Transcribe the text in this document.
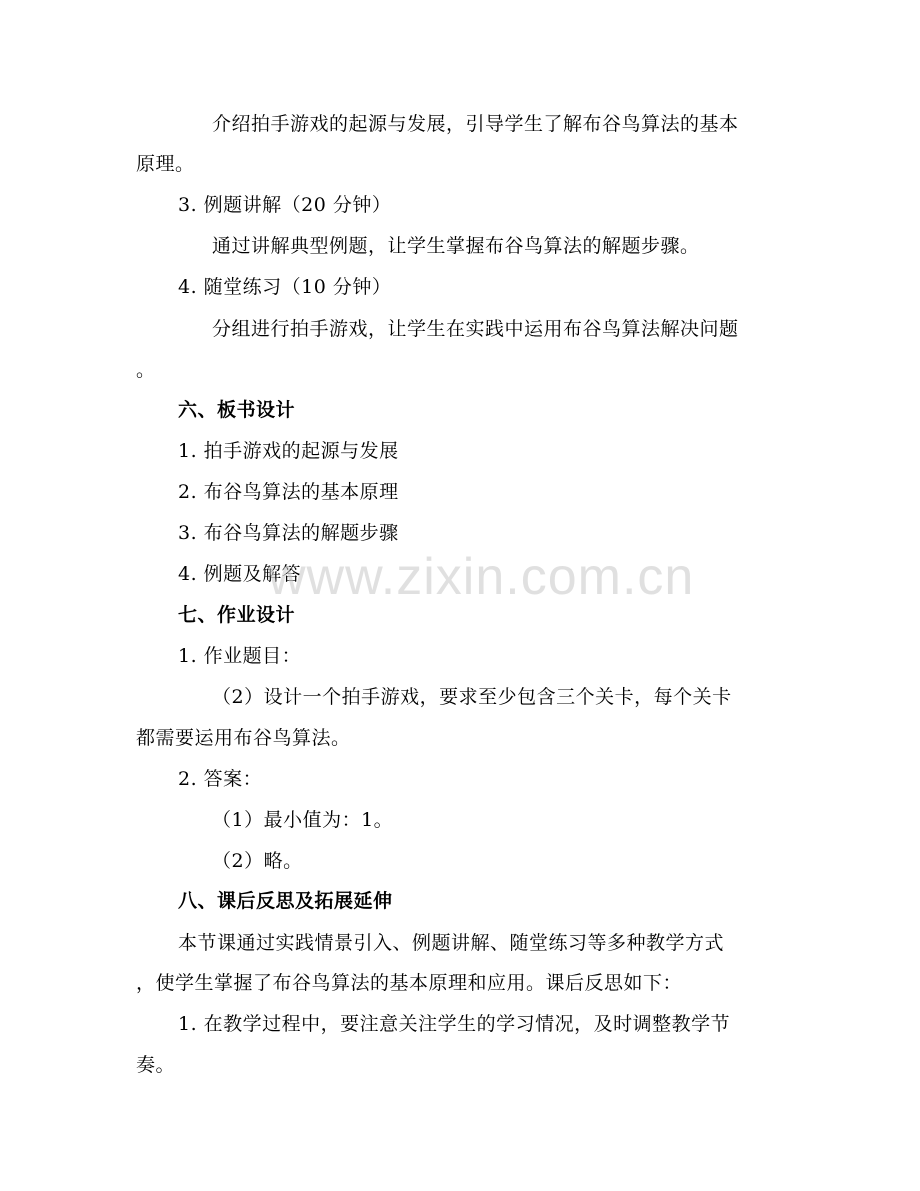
介绍拍手游戏的起源与发展，引导学生了解布谷鸟算法的基本
原理。
3. 例题讲解（20 分钟）
通过讲解典型例题，让学生掌握布谷鸟算法的解题步骤。
4. 随堂练习（10 分钟）
分组进行拍手游戏，让学生在实践中运用布谷鸟算法解决问题
。
六、板书设计
1. 拍手游戏的起源与发展
2. 布谷鸟算法的基本原理
3. 布谷鸟算法的解题步骤
4. 例题及解答
七、作业设计
1. 作业题目：
（2）设计一个拍手游戏，要求至少包含三个关卡，每个关卡
都需要运用布谷鸟算法。
2. 答案：
（1）最小值为：1。
（2）略。
八、课后反思及拓展延伸
本节课通过实践情景引入、例题讲解、随堂练习等多种教学方式
，使学生掌握了布谷鸟算法的基本原理和应用。课后反思如下：
1. 在教学过程中，要注意关注学生的学习情况，及时调整教学节
奏。
www.zixin.com.cn
